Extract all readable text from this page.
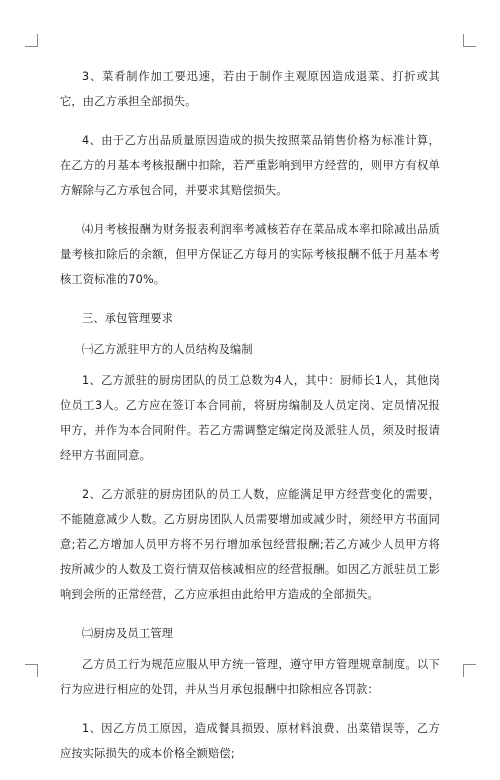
3、菜肴制作加工要迅速，若由于制作主观原因造成退菜、打折或其它，由乙方承担全部损失。

4、由于乙方出品质量原因造成的损失按照菜品销售价格为标准计算，在乙方的月基本考核报酬中扣除，若严重影响到甲方经营的，则甲方有权单方解除与乙方承包合同，并要求其赔偿损失。

⑷月考核报酬为财务报表利润率考减核若存在菜品成本率扣除减出品质量考核扣除后的余额，但甲方保证乙方每月的实际考核报酬不低于月基本考核工资标准的70%。

三、承包管理要求

㈠乙方派驻甲方的人员结构及编制

1、乙方派驻的厨房团队的员工总数为4人，其中：厨师长1人，其他岗位员工3人。乙方应在签订本合同前，将厨房编制及人员定岗、定员情况报甲方，并作为本合同附件。若乙方需调整定编定岗及派驻人员，须及时报请经甲方书面同意。

2、乙方派驻的厨房团队的员工人数，应能满足甲方经营变化的需要，不能随意减少人数。乙方厨房团队人员需要增加或减少时，须经甲方书面同意;若乙方增加人员甲方将不另行增加承包经营报酬;若乙方减少人员甲方将按所减少的人数及工资行情双倍核减相应的经营报酬。如因乙方派驻员工影响到会所的正常经营，乙方应承担由此给甲方造成的全部损失。

㈡厨房及员工管理

乙方员工行为规范应服从甲方统一管理，遵守甲方管理规章制度。以下行为应进行相应的处罚，并从当月承包报酬中扣除相应各罚款：

1、因乙方员工原因，造成餐具损毁、原材料浪费、出菜错误等，乙方应按实际损失的成本价格全额赔偿;
